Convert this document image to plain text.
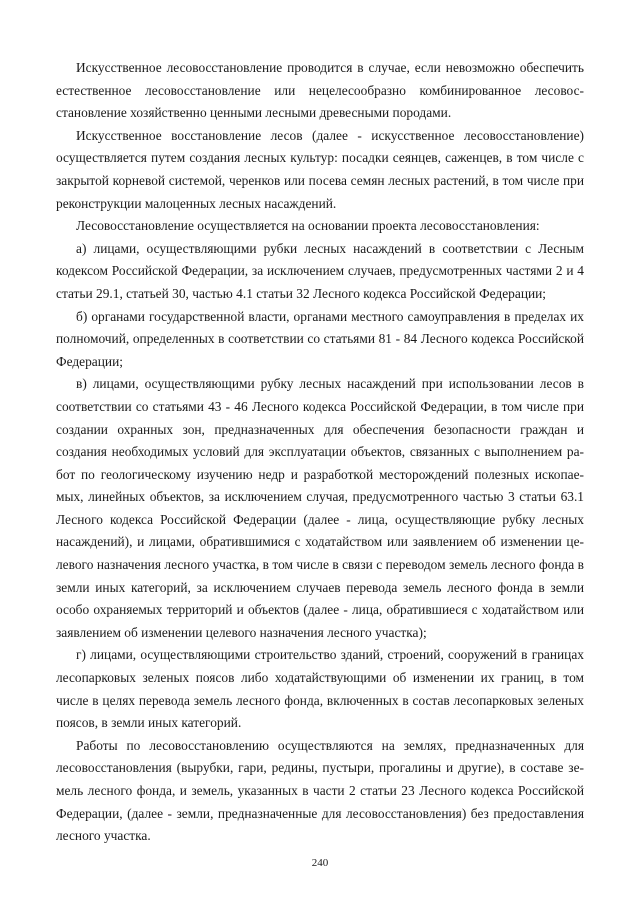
Искусственное лесовосстановление проводится в случае, если невозможно обеспечить естественное лесовосстановление или нецелесообразно комбинированное лесовосстановление хозяйственно ценными лесными древесными породами.

Искусственное восстановление лесов (далее - искусственное лесовосстановление) осуществляется путем создания лесных культур: посадки сеянцев, саженцев, в том числе с закрытой корневой системой, черенков или посева семян лесных растений, в том числе при реконструкции малоценных лесных насаждений.

Лесовосстановление осуществляется на основании проекта лесовосстановления:

а) лицами, осуществляющими рубки лесных насаждений в соответствии с Лесным кодексом Российской Федерации, за исключением случаев, предусмотренных частями 2 и 4 статьи 29.1, статьей 30, частью 4.1 статьи 32 Лесного кодекса Российской Федерации;

б) органами государственной власти, органами местного самоуправления в пределах их полномочий, определенных в соответствии со статьями 81 - 84 Лесного кодекса Российской Федерации;

в) лицами, осуществляющими рубку лесных насаждений при использовании лесов в соответствии со статьями 43 - 46 Лесного кодекса Российской Федерации, в том числе при создании охранных зон, предназначенных для обеспечения безопасности граждан и создания необходимых условий для эксплуатации объектов, связанных с выполнением работ по геологическому изучению недр и разработкой месторождений полезных ископаемых, линейных объектов, за исключением случая, предусмотренного частью 3 статьи 63.1 Лесного кодекса Российской Федерации (далее - лица, осуществляющие рубку лесных насаждений), и лицами, обратившимися с ходатайством или заявлением об изменении целевого назначения лесного участка, в том числе в связи с переводом земель лесного фонда в земли иных категорий, за исключением случаев перевода земель лесного фонда в земли особо охраняемых территорий и объектов (далее - лица, обратившиеся с ходатайством или заявлением об изменении целевого назначения лесного участка);

г) лицами, осуществляющими строительство зданий, строений, сооружений в границах лесопарковых зеленых поясов либо ходатайствующими об изменении их границ, в том числе в целях перевода земель лесного фонда, включенных в состав лесопарковых зеленых поясов, в земли иных категорий.

Работы по лесовосстановлению осуществляются на землях, предназначенных для лесовосстановления (вырубки, гари, редины, пустыри, прогалины и другие), в составе земель лесного фонда, и земель, указанных в части 2 статьи 23 Лесного кодекса Российской Федерации, (далее - земли, предназначенные для лесовосстановления) без предоставления лесного участка.

240
